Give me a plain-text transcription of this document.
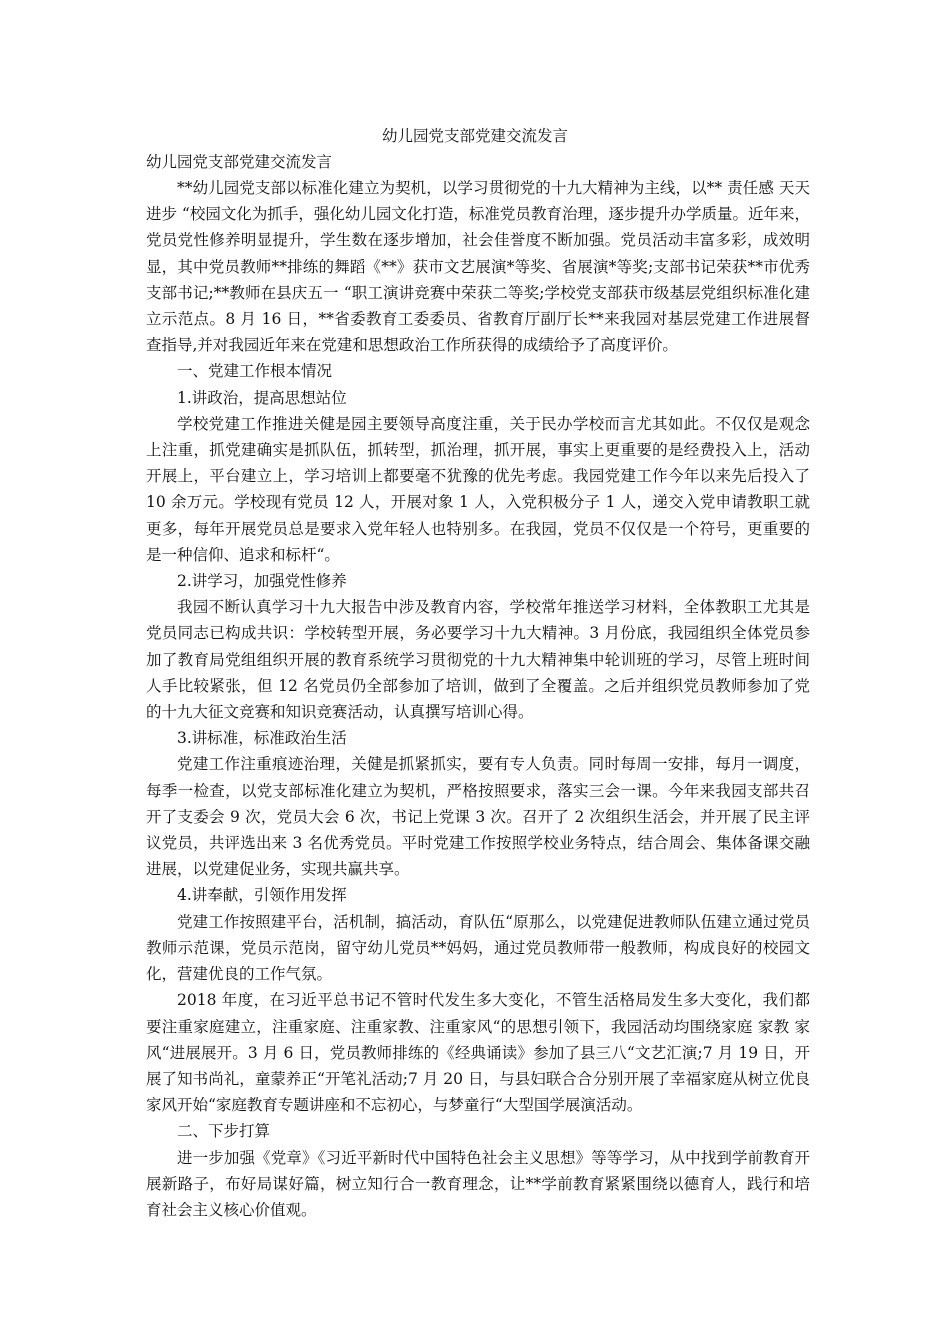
幼儿园党支部党建交流发言
幼儿园党支部党建交流发言

**幼儿园党支部以标准化建立为契机，以学习贯彻党的十九大精神为主线，以** 责任感 天天进步 “校园文化为抓手，强化幼儿园文化打造，标准党员教育治理，逐步提升办学质量。近年来，党员党性修养明显提升，学生数在逐步增加，社会佳誉度不断加强。党员活动丰富多彩，成效明显，其中党员教师**排练的舞蹈《**》获市文艺展演*等奖、省展演*等奖;支部书记荣获**市优秀支部书记;**教师在县庆五一 “职工演讲竞赛中荣获二等奖;学校党支部获市级基层党组织标准化建立示范点。8 月 16 日，**省委教育工委委员、省教育厅副厅长**来我园对基层党建工作进展督查指导,并对我园近年来在党建和思想政治工作所获得的成绩给予了高度评价。

一、党建工作根本情况

1.讲政治，提高思想站位

学校党建工作推进关健是园主要领导高度注重，关于民办学校而言尤其如此。不仅仅是观念上注重，抓党建确实是抓队伍，抓转型，抓治理，抓开展，事实上更重要的是经费投入上，活动开展上，平台建立上，学习培训上都要毫不犹豫的优先考虑。我园党建工作今年以来先后投入了 10 余万元。学校现有党员 12 人，开展对象 1 人，入党积极分子 1 人，递交入党申请教职工就更多，每年开展党员总是要求入党年轻人也特别多。在我园，党员不仅仅是一个符号，更重要的是一种信仰、追求和标杆“。

2.讲学习，加强党性修养

我园不断认真学习十九大报告中涉及教育内容，学校常年推送学习材料，全体教职工尤其是党员同志已构成共识：学校转型开展，务必要学习十九大精神。3 月份底，我园组织全体党员参加了教育局党组组织开展的教育系统学习贯彻党的十九大精神集中轮训班的学习，尽管上班时间人手比较紧张，但 12 名党员仍全部参加了培训，做到了全覆盖。之后并组织党员教师参加了党的十九大征文竞赛和知识竞赛活动，认真撰写培训心得。

3.讲标准，标准政治生活

党建工作注重痕迹治理，关健是抓紧抓实，要有专人负责。同时每周一安排，每月一调度，每季一检查，以党支部标准化建立为契机，严格按照要求，落实三会一课。今年来我园支部共召开了支委会 9 次，党员大会 6 次，书记上党课 3 次。召开了 2 次组织生活会，并开展了民主评议党员，共评选出来 3 名优秀党员。平时党建工作按照学校业务特点，结合周会、集体备课交融进展，以党建促业务，实现共赢共享。

4.讲奉献，引领作用发挥

党建工作按照建平台，活机制，搞活动，育队伍“原那么，以党建促进教师队伍建立通过党员教师示范课，党员示范岗，留守幼儿党员**妈妈，通过党员教师带一般教师，构成良好的校园文化，营建优良的工作气氛。

2018 年度，在习近平总书记不管时代发生多大变化，不管生活格局发生多大变化，我们都要注重家庭建立，注重家庭、注重家教、注重家风“的思想引领下，我园活动均围绕家庭 家教 家风“进展展开。3 月 6 日，党员教师排练的《经典诵读》参加了县三八“文艺汇演;7 月 19 日，开展了知书尚礼，童蒙养正“开笔礼活动;7 月 20 日，与县妇联合合分别开展了幸福家庭从树立优良家风开始“家庭教育专题讲座和不忘初心，与梦童行“大型国学展演活动。

二、下步打算

进一步加强《党章》《习近平新时代中国特色社会主义思想》等等学习，从中找到学前教育开展新路子，布好局谋好篇，树立知行合一教育理念，让**学前教育紧紧围绕以德育人，践行和培育社会主义核心价值观。
